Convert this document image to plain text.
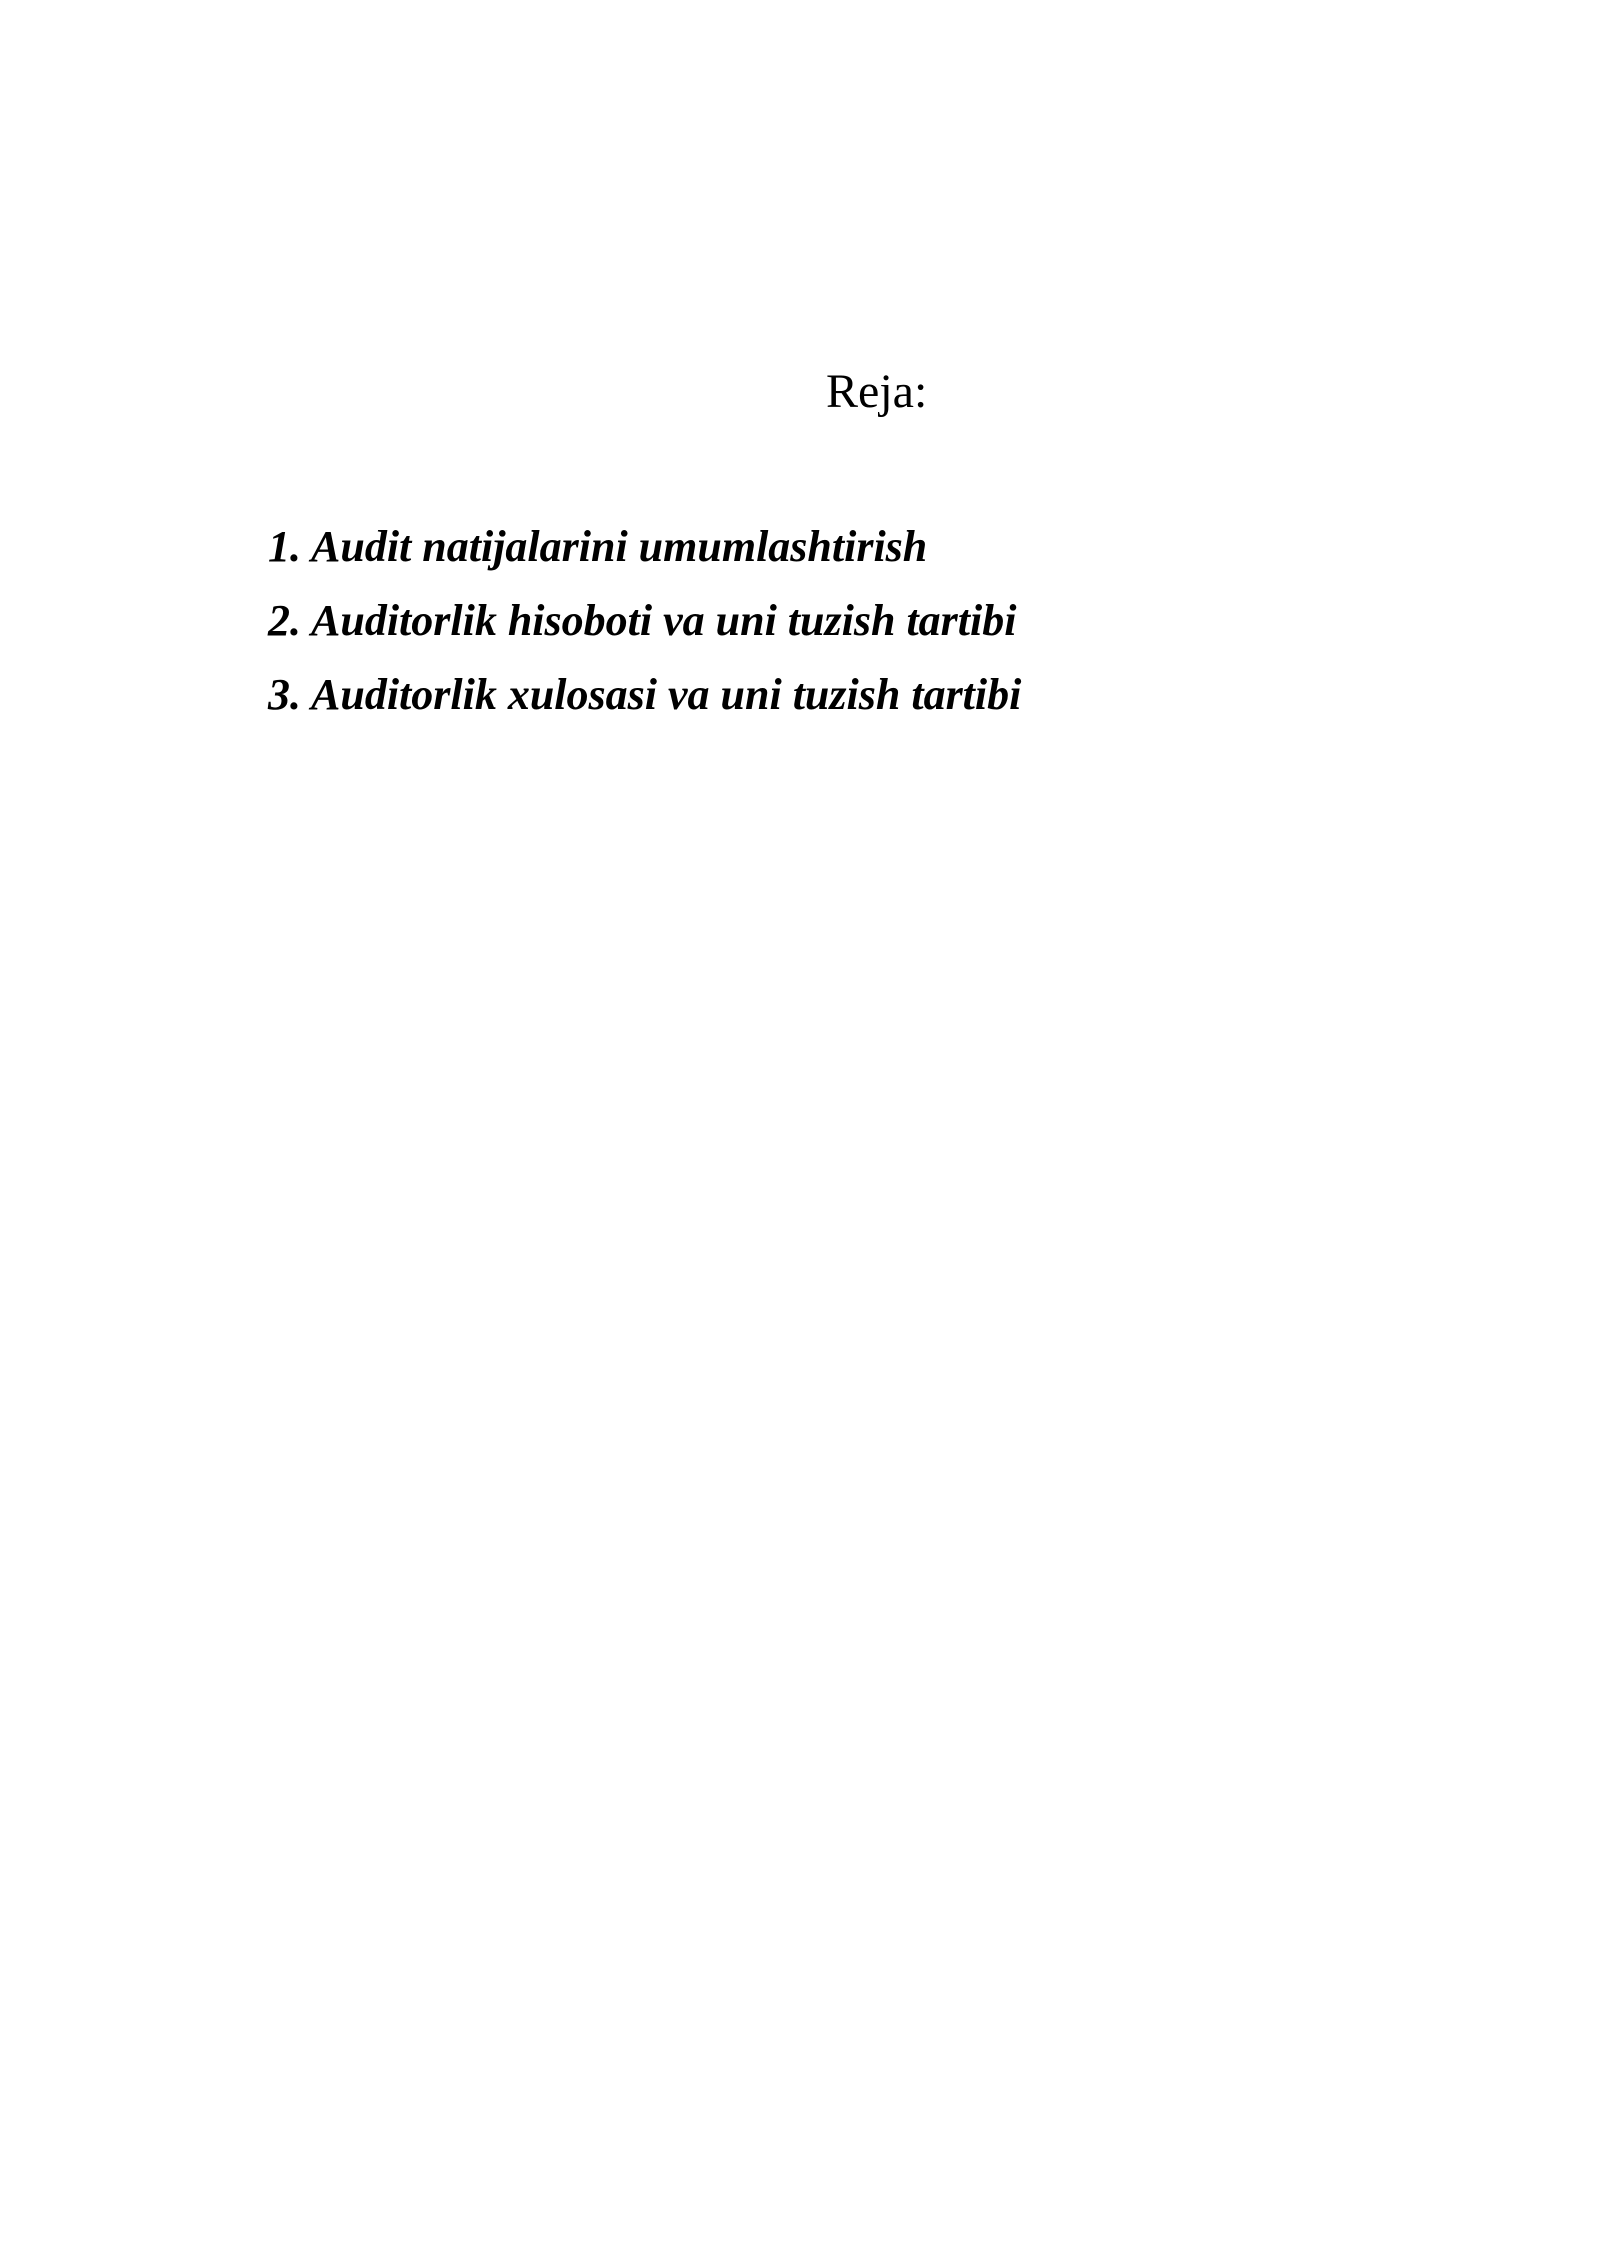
Reja:
1. Audit natijalarini umumlashtirish
2. Auditorlik hisoboti va uni tuzish tartibi
3. Auditorlik xulosasi va uni tuzish tartibi
